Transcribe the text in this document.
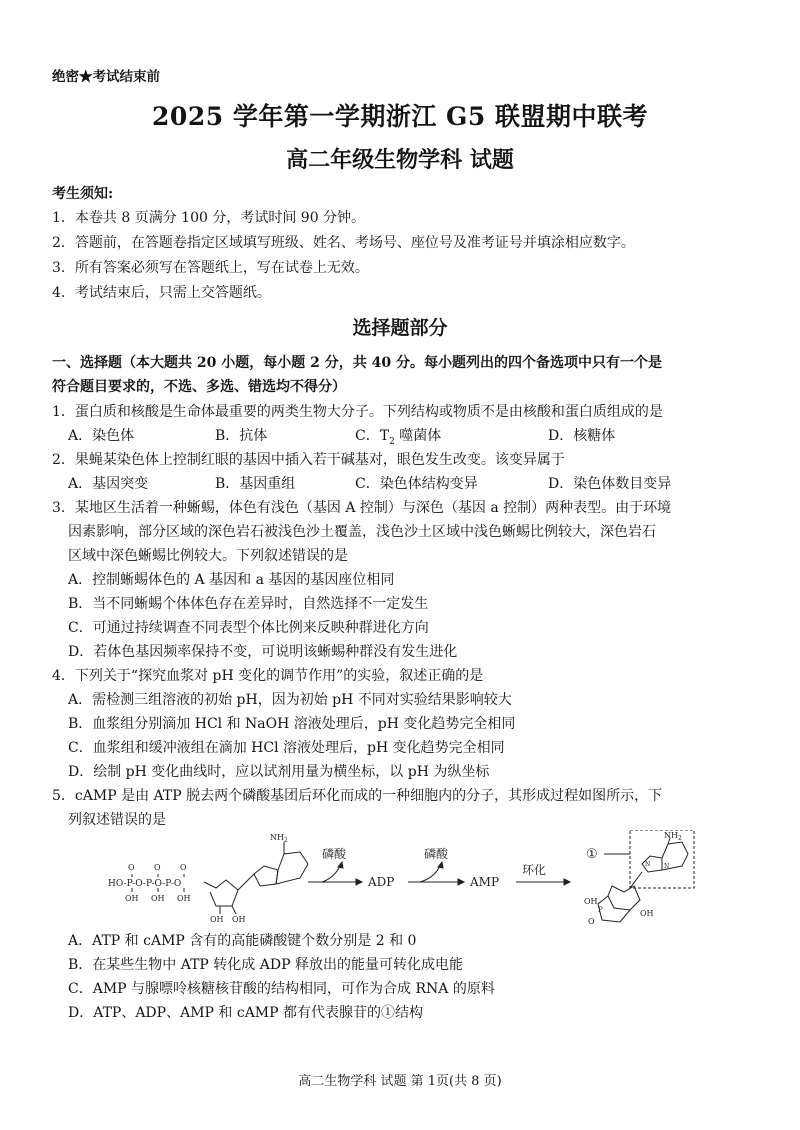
绝密★考试结束前
2025 学年第一学期浙江 G5 联盟期中联考
高二年级生物学科 试题
考生须知:
1．本卷共 8 页满分 100 分，考试时间 90 分钟。
2．答题前，在答题卷指定区域填写班级、姓名、考场号、座位号及准考证号并填涂相应数字。
3．所有答案必须写在答题纸上，写在试卷上无效。
4．考试结束后，只需上交答题纸。
选择题部分
一、选择题（本大题共 20 小题，每小题 2 分，共 40 分。每小题列出的四个备选项中只有一个是
符合题目要求的，不选、多选、错选均不得分）
1．蛋白质和核酸是生命体最重要的两类生物大分子。下列结构或物质不是由核酸和蛋白质组成的是
A．染色体	B．抗体	C．$T_2$ 噬菌体	D．核糖体
2．果蝇某染色体上控制红眼的基因中插入若干碱基对，眼色发生改变。该变异属于
A．基因突变	B．基因重组	C．染色体结构变异	D．染色体数目变异
3．某地区生活着一种蜥蜴，体色有浅色（基因 A 控制）与深色（基因 a 控制）两种表型。由于环境
因素影响，部分区域的深色岩石被浅色沙土覆盖，浅色沙土区域中浅色蜥蜴比例较大，深色岩石
区域中深色蜥蜴比例较大。下列叙述错误的是
A．控制蜥蜴体色的 A 基因和 a 基因的基因座位相同
B．当不同蜥蜴个体体色存在差异时，自然选择不一定发生
C．可通过持续调查不同表型个体比例来反映种群进化方向
D．若体色基因频率保持不变，可说明该蜥蜴种群没有发生进化
4．下列关于“探究血浆对 pH 变化的调节作用”的实验，叙述正确的是
A．需检测三组溶液的初始 pH，因为初始 pH 不同对实验结果影响较大
B．血浆组分别滴加 HCl 和 NaOH 溶液处理后，pH 变化趋势完全相同
C．血浆组和缓冲液组在滴加 HCl 溶液处理后，pH 变化趋势完全相同
D．绘制 pH 变化曲线时，应以试剂用量为横坐标，以 pH 为纵坐标
5．cAMP 是由 ATP 脱去两个磷酸基团后环化而成的一种细胞内的分子，其形成过程如图所示，下
列叙述错误的是
HO-P-O-P-O-P-O
O O O
OH OH OH
OH OH
$NH_2$
磷酸
ADP
磷酸
AMP
环化
①
$NH_2$
N N
OH
O
P	OH
A．ATP 和 cAMP 含有的高能磷酸键个数分别是 2 和 0
B．在某些生物中 ATP 转化成 ADP 释放出的能量可转化成电能
C．AMP 与腺嘌呤核糖核苷酸的结构相同，可作为合成 RNA 的原料
D．ATP、ADP、AMP 和 cAMP 都有代表腺苷的①结构
高二生物学科 试题 第 1页(共 8 页)
